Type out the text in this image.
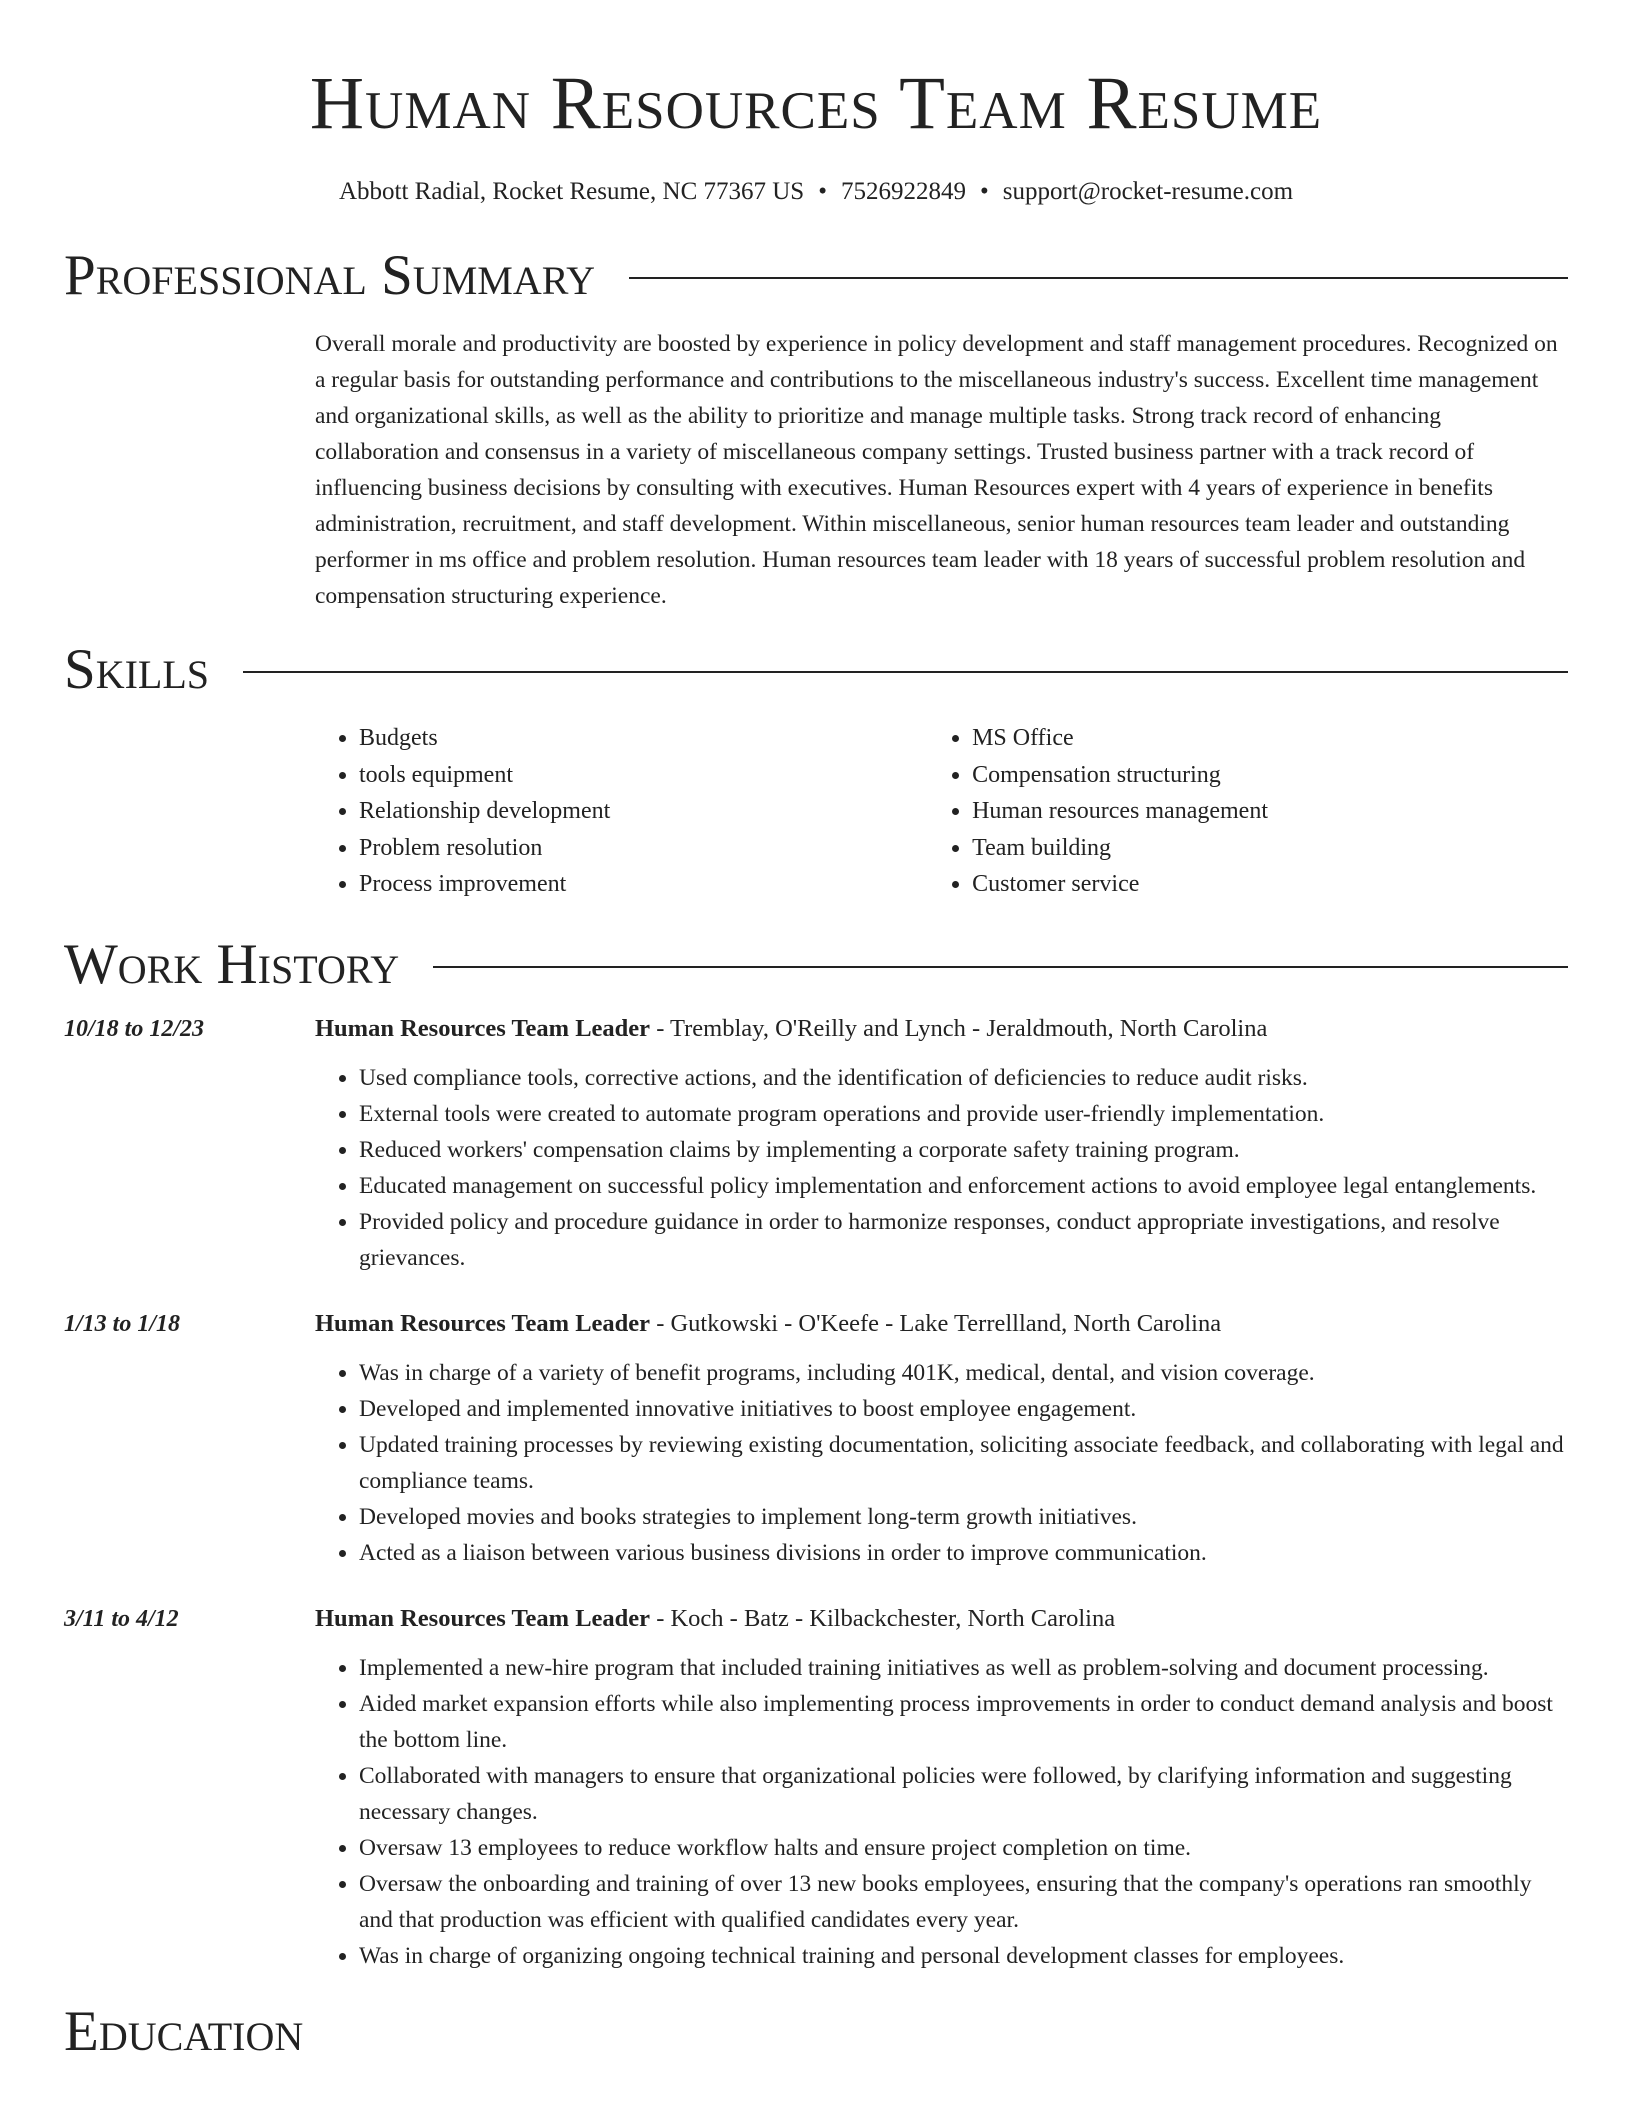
Human Resources Team Resume
Abbott Radial, Rocket Resume, NC 77367 US • 7526922849 • support@rocket-resume.com
Professional Summary

Overall morale and productivity are boosted by experience in policy development and staff management procedures. Recognized on a regular basis for outstanding performance and contributions to the miscellaneous industry's success. Excellent time management and organizational skills, as well as the ability to prioritize and manage multiple tasks. Strong track record of enhancing collaboration and consensus in a variety of miscellaneous company settings. Trusted business partner with a track record of influencing business decisions by consulting with executives. Human Resources expert with 4 years of experience in benefits administration, recruitment, and staff development. Within miscellaneous, senior human resources team leader and outstanding performer in ms office and problem resolution. Human resources team leader with 18 years of successful problem resolution and compensation structuring experience.

Skills
• Budgets
• tools equipment
• Relationship development
• Problem resolution
• Process improvement
• MS Office
• Compensation structuring
• Human resources management
• Team building
• Customer service
Work History
10/18 to 12/23	Human Resources Team Leader - Tremblay, O'Reilly and Lynch - Jeraldmouth, North Carolina
• Used compliance tools, corrective actions, and the identification of deficiencies to reduce audit risks.
• External tools were created to automate program operations and provide user-friendly implementation.
• Reduced workers' compensation claims by implementing a corporate safety training program.
• Educated management on successful policy implementation and enforcement actions to avoid employee legal entanglements.
• Provided policy and procedure guidance in order to harmonize responses, conduct appropriate investigations, and resolve grievances.
1/13 to 1/18	Human Resources Team Leader - Gutkowski - O'Keefe - Lake Terrellland, North Carolina
• Was in charge of a variety of benefit programs, including 401K, medical, dental, and vision coverage.
• Developed and implemented innovative initiatives to boost employee engagement.
• Updated training processes by reviewing existing documentation, soliciting associate feedback, and collaborating with legal and compliance teams.
• Developed movies and books strategies to implement long-term growth initiatives.
• Acted as a liaison between various business divisions in order to improve communication.
3/11 to 4/12	Human Resources Team Leader - Koch - Batz - Kilbackchester, North Carolina
• Implemented a new-hire program that included training initiatives as well as problem-solving and document processing.
• Aided market expansion efforts while also implementing process improvements in order to conduct demand analysis and boost the bottom line.
• Collaborated with managers to ensure that organizational policies were followed, by clarifying information and suggesting necessary changes.
• Oversaw 13 employees to reduce workflow halts and ensure project completion on time.
• Oversaw the onboarding and training of over 13 new books employees, ensuring that the company's operations ran smoothly and that production was efficient with qualified candidates every year.
• Was in charge of organizing ongoing technical training and personal development classes for employees.
Education
